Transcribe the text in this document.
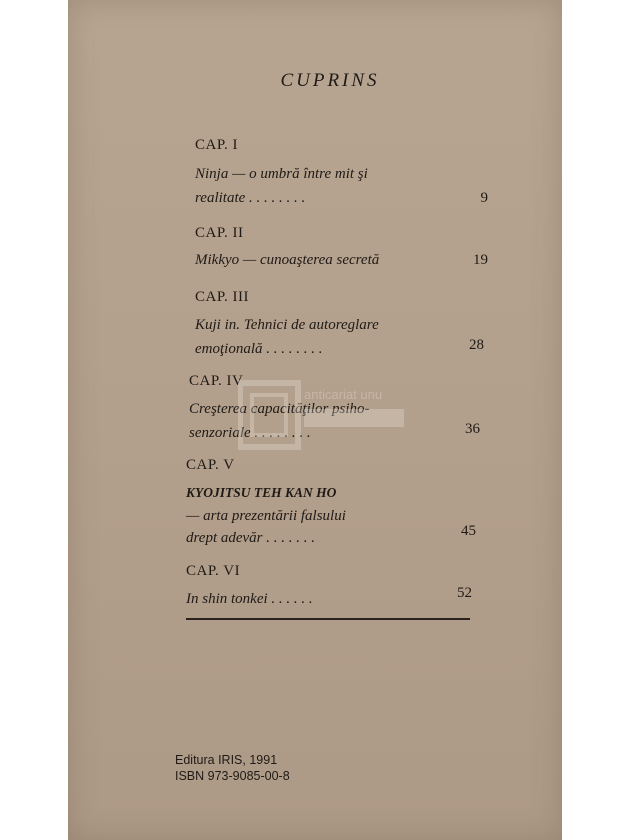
CUPRINS
CAP. I
Ninja — o umbră între mit şi
realitate . . . . . . . .	9
CAP. II
Mikkyo — cunoaşterea secretă	19
CAP. III
Kuji in. Tehnici de autoreglare
emoţională . . . . . . . .	28
CAP. IV
Creşterea capacităţilor psiho-
senzoriale . . . . . . . .	36
CAP. V
KYOJITSU TEH KAN HO
— arta prezentării falsului
drept adevăr . . . . . . .	45
CAP. VI
In shin tonkei . . . . . .	52
Editura IRIS, 1991
ISBN 973-9085-00-8
anticariat unu
